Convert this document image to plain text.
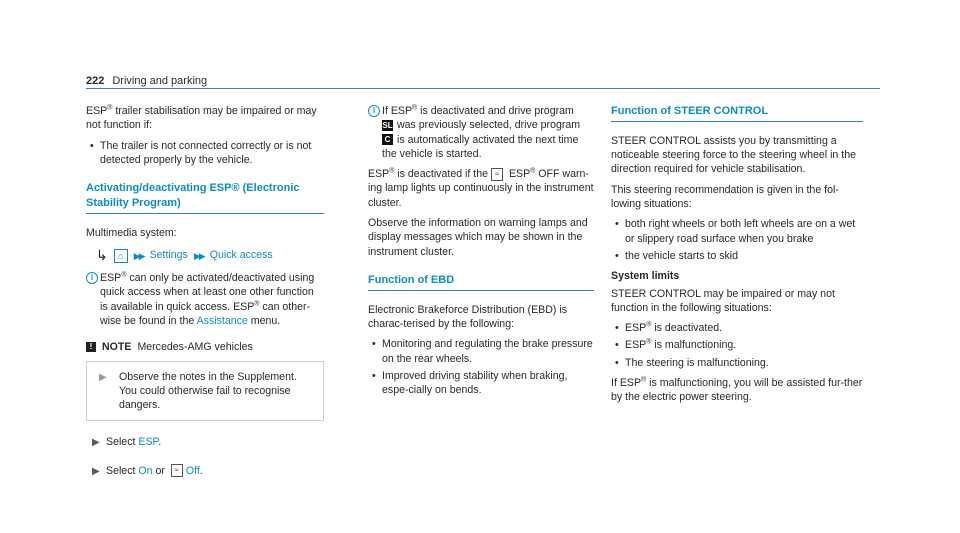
222 Driving and parking

ESP® trailer stabilisation may be impaired or may not function if:

• The trailer is not connected correctly or is not detected properly by the vehicle.
Activating/deactivating ESP® (Electronic Stability Program)

Multimedia system:

↳	⌂	▶▶ Settings ▶▶ Quick access
i ESP® can only be activated/deactivated using quick access when at least one other function is available in quick access. ESP® can other-wise be found in the Assistance menu.
! NOTE Mercedes-AMG vehicles
▶ Observe the notes in the Supplement. You could otherwise fail to recognise dangers.
▶ Select ESP.
▶ Select On or ≈ Off.
i If ESP® is deactivated and drive program
SL was previously selected, drive program
C is automatically activated the next time the vehicle is started.

ESP® is deactivated if the ≈ ESP® OFF warn-ing lamp lights up continuously in the instrument cluster.

Observe the information on warning lamps and display messages which may be shown in the instrument cluster.

Function of EBD

Electronic Brakeforce Distribution (EBD) is charac-terised by the following:

• Monitoring and regulating the brake pressure on the rear wheels.
• Improved driving stability when braking, espe-cially on bends.
Function of STEER CONTROL

STEER CONTROL assists you by transmitting a noticeable steering force to the steering wheel in the direction required for vehicle stabilisation.

This steering recommendation is given in the fol-lowing situations:

• both right wheels or both left wheels are on a wet or slippery road surface when you brake
• the vehicle starts to skid
System limits

STEER CONTROL may be impaired or may not function in the following situations:

• ESP® is deactivated.
• ESP® is malfunctioning.
• The steering is malfunctioning.

If ESP® is malfunctioning, you will be assisted fur-ther by the electric power steering.
